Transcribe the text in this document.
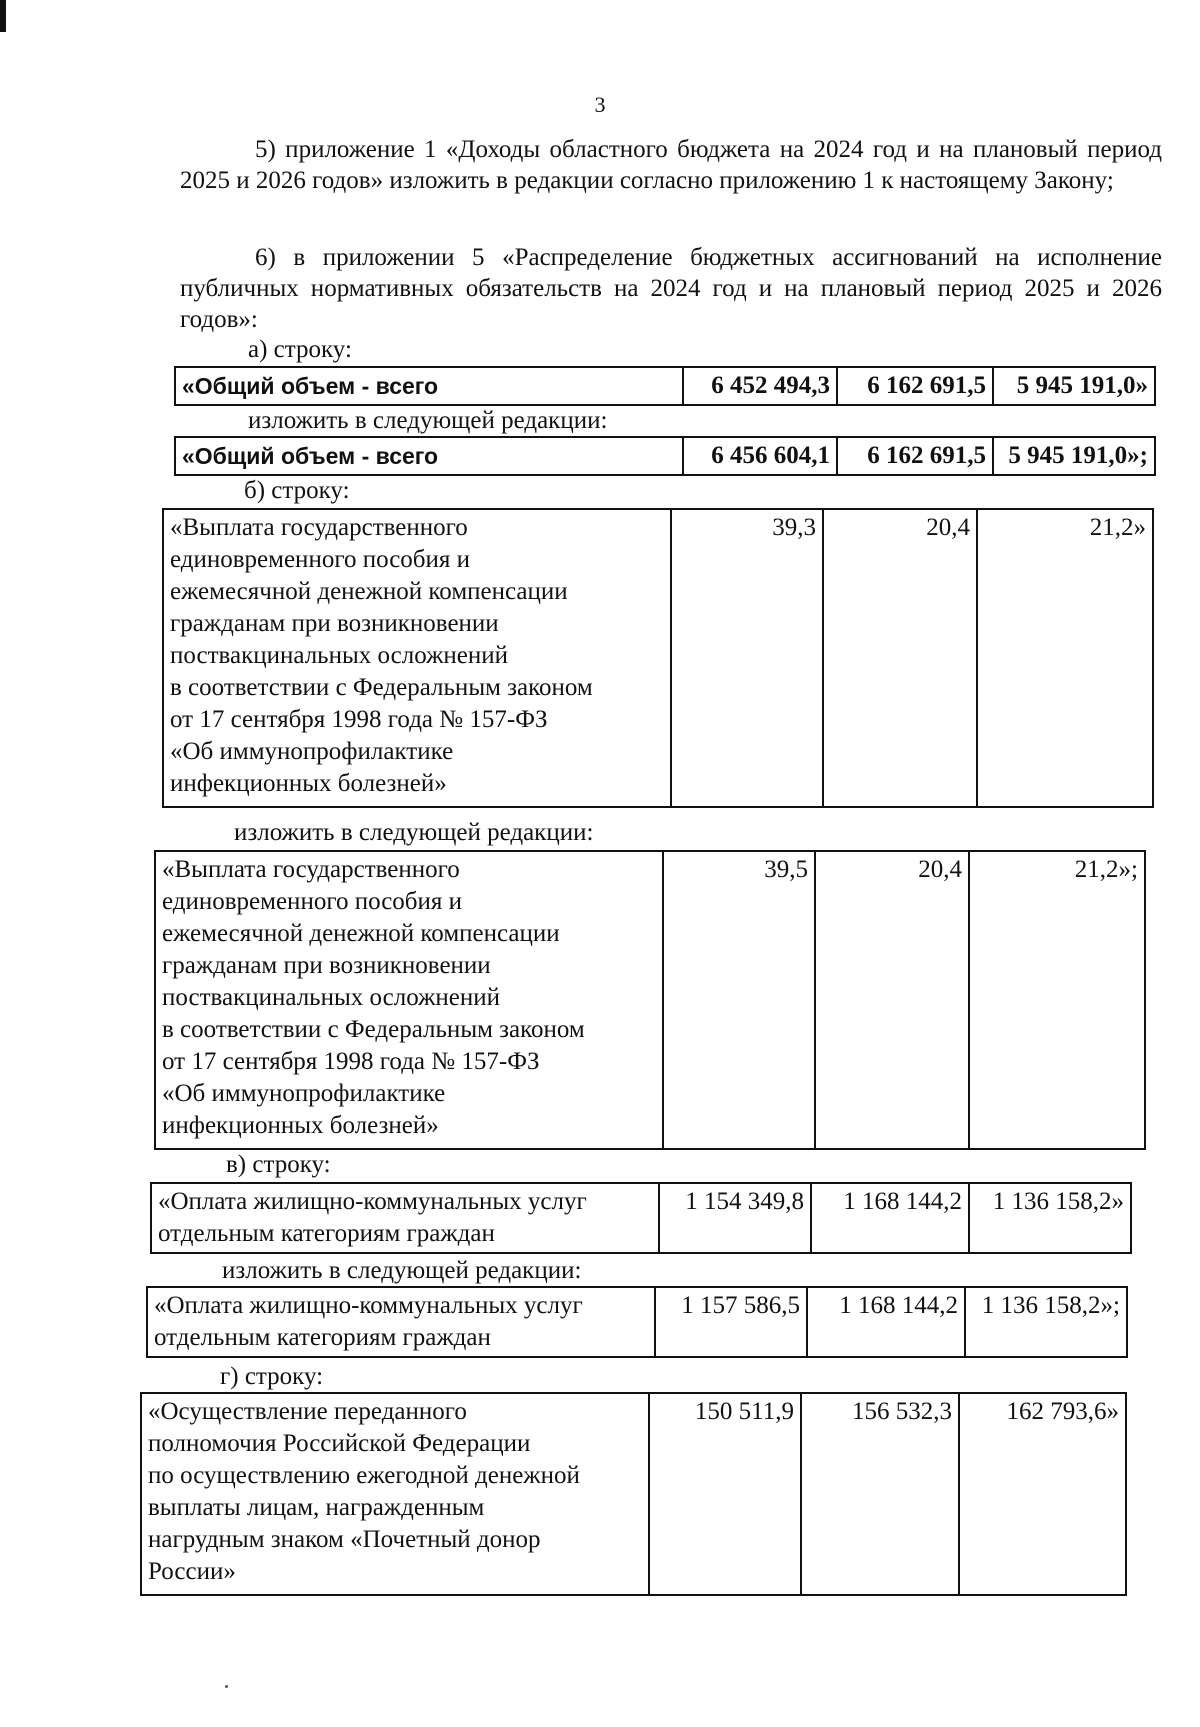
3

5) приложение 1 «Доходы областного бюджета на 2024 год и на плановый период 2025 и 2026 годов» изложить в редакции согласно приложению 1 к настоящему Закону;

6) в приложении 5 «Распределение бюджетных ассигнований на исполнение публичных нормативных обязательств на 2024 год и на плановый период 2025 и 2026 годов»:

а) строку:
«Общий объем - всего	6 452 494,3	6 162 691,5	5 945 191,0»
изложить в следующей редакции:
«Общий объем - всего	6 456 604,1	6 162 691,5	5 945 191,0»;
б) строку:
«Выплата государственного
единовременного пособия и
ежемесячной денежной компенсации
гражданам при возникновении
поствакцинальных осложнений
в соответствии с Федеральным законом
от 17 сентября 1998 года № 157-ФЗ
«Об иммунопрофилактике
инфекционных болезней»	39,3	20,4	21,2»
изложить в следующей редакции:
«Выплата государственного
единовременного пособия и
ежемесячной денежной компенсации
гражданам при возникновении
поствакцинальных осложнений
в соответствии с Федеральным законом
от 17 сентября 1998 года № 157-ФЗ
«Об иммунопрофилактике
инфекционных болезней»	39,5	20,4	21,2»;
в) строку:
«Оплата жилищно-коммунальных услуг
отдельным категориям граждан	1 154 349,8	1 168 144,2	1 136 158,2»
изложить в следующей редакции:
«Оплата жилищно-коммунальных услуг
отдельным категориям граждан	1 157 586,5	1 168 144,2	1 136 158,2»;
г) строку:
«Осуществление переданного
полномочия Российской Федерации
по осуществлению ежегодной денежной
выплаты лицам, награжденным
нагрудным знаком «Почетный донор
России»	150 511,9	156 532,3	162 793,6»
